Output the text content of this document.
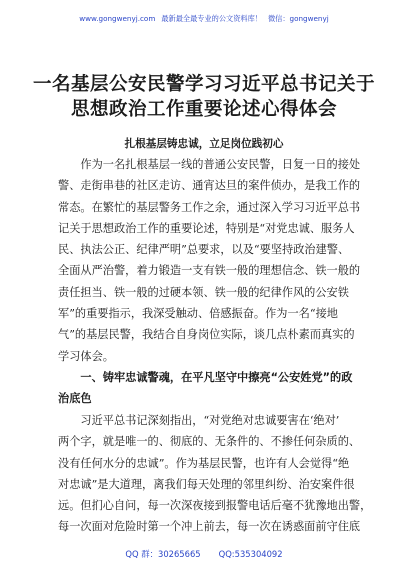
www.gongwenyj.com 最新最全最专业的公文资料库！ 微信：gongwenyj
一名基层公安民警学习习近平总书记关于
思想政治工作重要论述心得体会
扎根基层铸忠诚，立足岗位践初心
　　作为一名扎根基层一线的普通公安民警，日复一日的接处
警、走街串巷的社区走访、通宵达旦的案件侦办，是我工作的
常态。在繁忙的基层警务工作之余，通过深入学习习近平总书
记关于思想政治工作的重要论述，特别是“对党忠诚、服务人
民、执法公正、纪律严明”总要求，以及“要坚持政治建警、
全面从严治警，着力锻造一支有铁一般的理想信念、铁一般的
责任担当、铁一般的过硬本领、铁一般的纪律作风的公安铁
军”的重要指示，我深受触动、倍感振奋。作为一名“接地
气”的基层民警，我结合自身岗位实际，谈几点朴素而真实的
学习体会。
　　一、铸牢忠诚警魂，在平凡坚守中擦亮“公安姓党”的政
治底色
　　习近平总书记深刻指出，“对党绝对忠诚要害在‘绝对’
两个字，就是唯一的、彻底的、无条件的、不掺任何杂质的、
没有任何水分的忠诚”。作为基层民警，也许有人会觉得“绝
对忠诚”是大道理，离我们每天处理的邻里纠纷、治安案件很
远。但扪心自问，每一次深夜接到报警电话后毫不犹豫地出警，
每一次面对危险时第一个冲上前去，每一次在诱惑面前守住底
QQ 群：30265665 QQ:535304092
